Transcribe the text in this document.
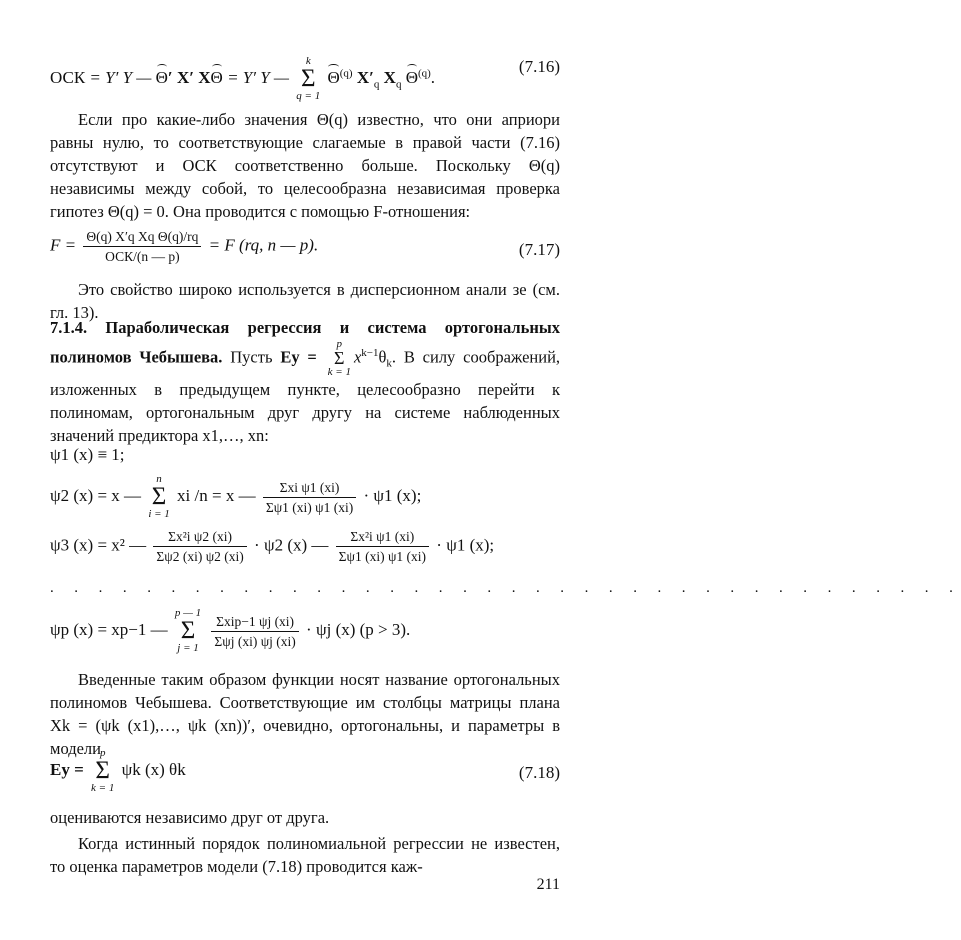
ОСК = Y′ Y — Θ′ X′ XΘ = Y′ Y —
k
Σ
q = 1
$\Theta^{(q)}$ $X'_q$ $X_q$ $\Theta^{(q)}$.
(7.16)
Если про какие-либо значения Θ(q) известно, что они априори равны нулю, то соответствующие слагаемые в правой части (7.16) отсутствуют и ОСК соответственно больше. Поскольку Θ(q) независимы между собой, то целесообразна независимая проверка гипотез Θ(q) = 0. Она проводится с помощью F-отношения:
$F = \frac{\text{Θ(q) X′q Xq Θ(q)/rq}}{\text{ОСК/(n — p)}} = F$ (rq, n — p).	(7.17)
Это свойство широко используется в дисперсионном анали зе (см. гл. 13).
7.1.4. Параболическая регрессия и система ортогональных полиномов Чебышева. Пусть Ey =
p
Σ
k = 1
$x^{k-1}\theta_k$. В силу соображений, изложенных в предыдущем пункте, целесообразно перейти к полиномам, ортогональным друг другу на системе наблюденных значений предиктора x1,…, xn:
ψ1 (x) ≡ 1;
ψ2 (x) = x —
n
Σ
i = 1
xi /n = x — $\frac{\text{Σxi ψ1 (xi)}}{\Sigma\psi 1 (xi) \psi 1 (xi)} \cdot \psi 1$ (x);
ψ3 (x) = x² — $\frac{\text{Σx²i ψ2 (xi)}}{\Sigma\psi 2 (xi) \psi 2 (xi)} \cdot \psi 2$ (x) — $\frac{\text{Σx²i ψ1 (xi)}}{\Sigma\psi 1 (xi) \psi 1 (xi)} \cdot \psi 1$ (x);
. . . . . . . . . . . . . . . . . . . . . . . . . . . . . . . . . . . . . .
ψp (x) = xp−1 —
p — 1
Σ
j = 1
$\frac{\text{Σxip−1 ψj (xi)}}{\text{Σψj (xi) ψj (xi)}} \cdot \psi j$ (x) (p > 3).
Введенные таким образом функции носят название ортогональных полиномов Чебышева. Соответствующие им столбцы матрицы плана Xk = (ψk (x1),…, ψk (xn))′, очевидно, ортогональны, и параметры в модели
Ey =
p
Σ
k = 1
ψk (x) θk	(7.18)
оцениваются независимо друг от друга.
Когда истинный порядок полиномиальной регрессии не известен, то оценка параметров модели (7.18) проводится каж-
211
